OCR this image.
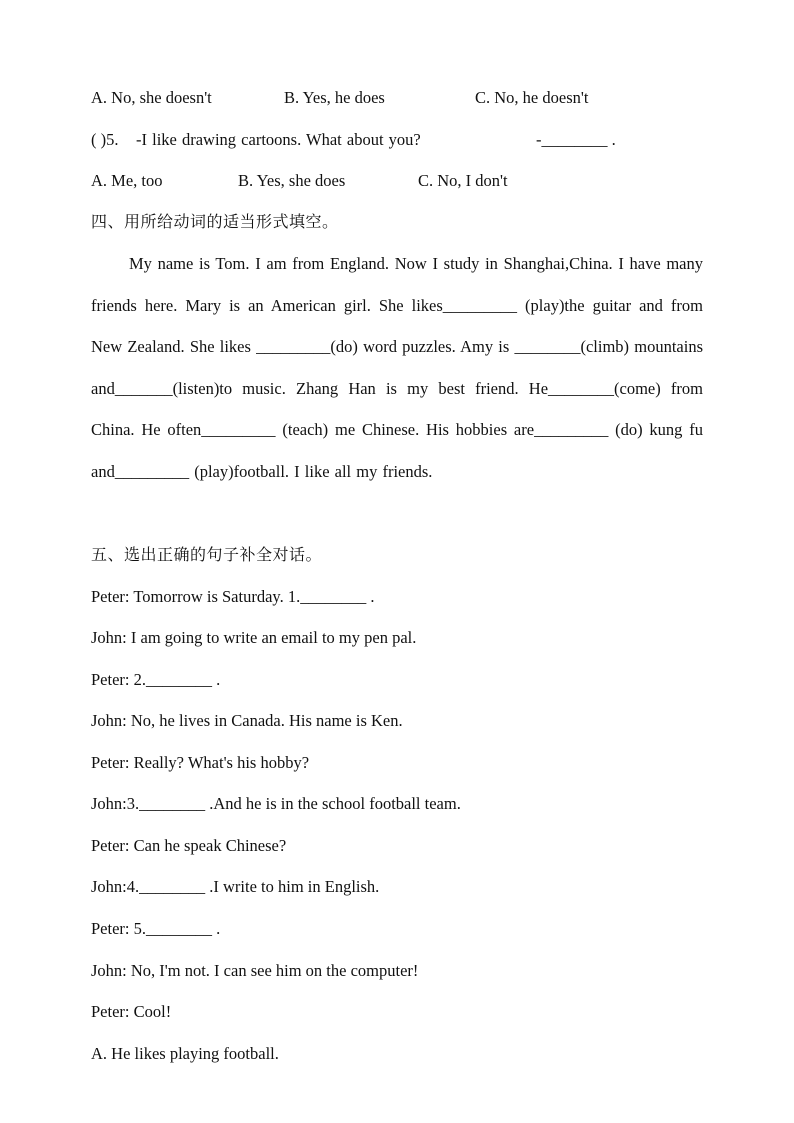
A. No, she doesn't	B. Yes, he does	C. No, he doesn't
( )5. -I like drawing cartoons. What about you?	-________ .
A. Me, too	B. Yes, she does	C. No, I don't
四、用所给动词的适当形式填空。
My name is Tom. I am from England. Now I study in Shanghai,China. I have many friends here. Mary is an American girl. She likes_________ (play)the guitar and from New Zealand. She likes _________(do) word puzzles. Amy is ________(climb) mountains and_______(listen)to music. Zhang Han is my best friend. He________(come) from China. He often_________ (teach) me Chinese. His hobbies are_________ (do) kung fu and_________ (play)football. I like all my friends.
五、选出正确的句子补全对话。
Peter: Tomorrow is Saturday. 1.________ .
John: I am going to write an email to my pen pal.
Peter: 2.________ .
John: No, he lives in Canada. His name is Ken.
Peter: Really? What's his hobby?
John:3.________ .And he is in the school football team.
Peter: Can he speak Chinese?
John:4.________ .I write to him in English.
Peter: 5.________ .
John: No, I'm not. I can see him on the computer!
Peter: Cool!
A. He likes playing football.
